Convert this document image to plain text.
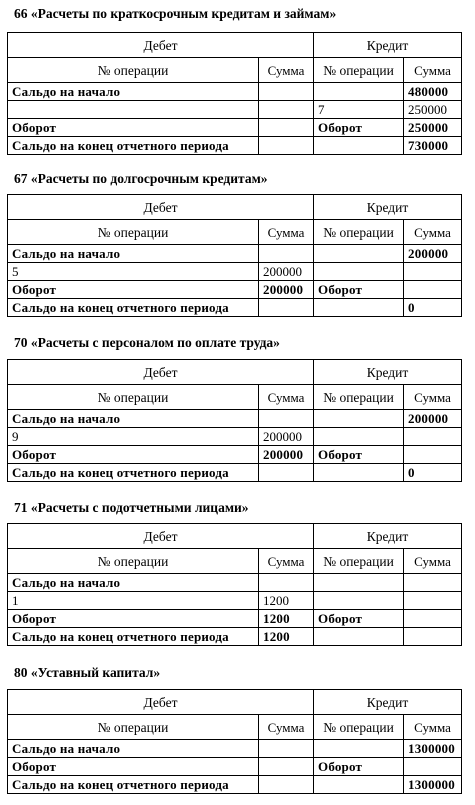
66 «Расчеты по краткосрочным кредитам и займам»
Дебет		Кредит	
№ операции	Сумма	№ операции	Сумма
Сальдо на начало			480000
		7	250000
Оборот		Оборот	250000
Сальдо на конец отчетного периода			730000
67 «Расчеты по долгосрочным кредитам»
Дебет		Кредит	
№ операции	Сумма	№ операции	Сумма
Сальдо на начало			200000
5	200000		
Оборот	200000	Оборот	
Сальдо на конец отчетного периода			0
70 «Расчеты с персоналом по оплате труда»
Дебет		Кредит	
№ операции	Сумма	№ операции	Сумма
Сальдо на начало			200000
9	200000		
Оборот	200000	Оборот	
Сальдо на конец отчетного периода			0
71 «Расчеты с подотчетными лицами»
Дебет		Кредит	
№ операции	Сумма	№ операции	Сумма
Сальдо на начало			
1	1200		
Оборот	1200	Оборот	
Сальдо на конец отчетного периода	1200		
80 «Уставный капитал»
Дебет		Кредит	
№ операции	Сумма	№ операции	Сумма
Сальдо на начало			1300000
Оборот		Оборот	
Сальдо на конец отчетного периода			1300000
